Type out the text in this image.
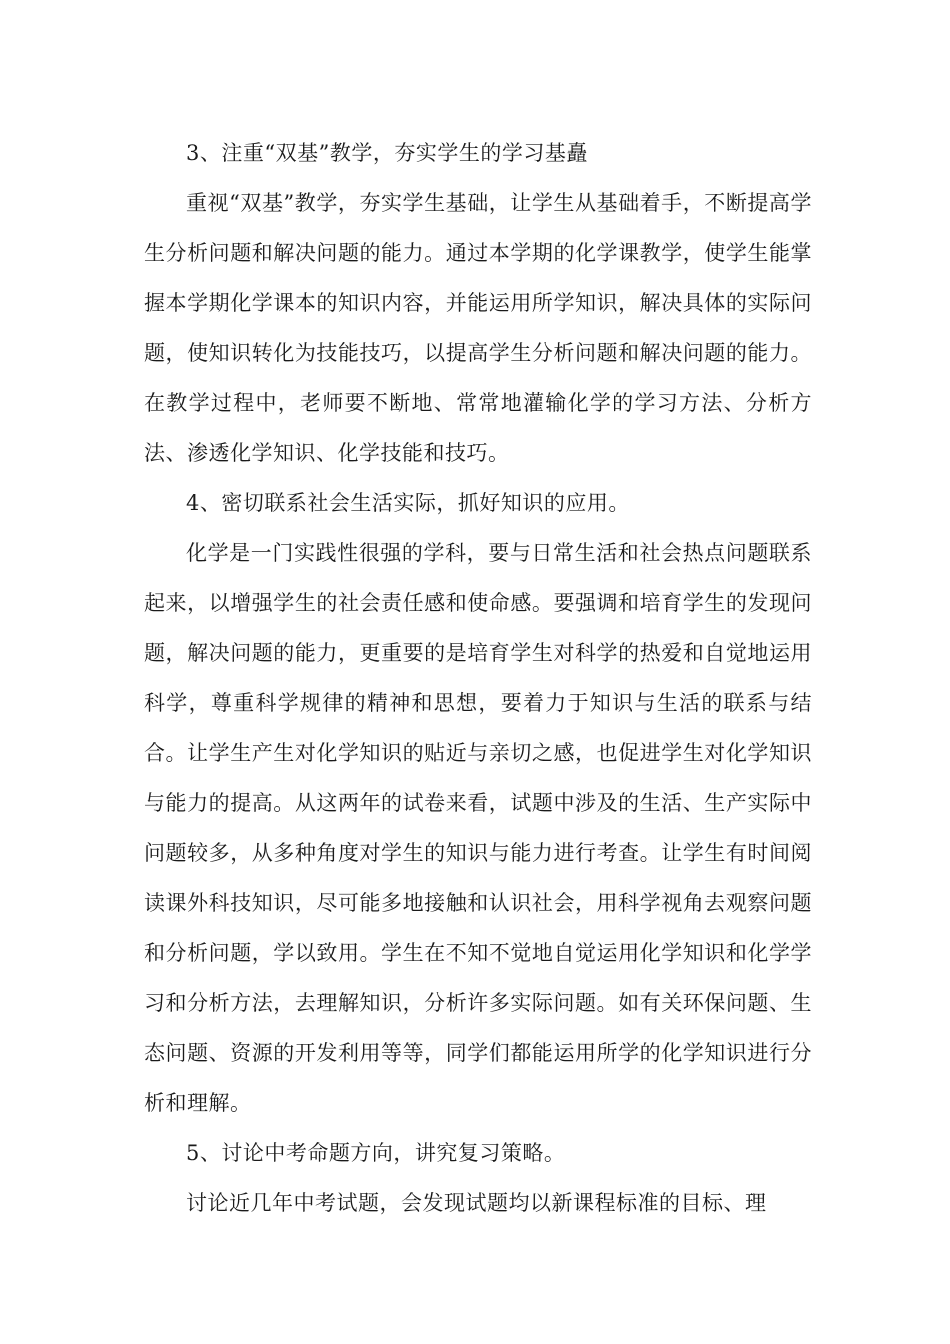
3、注重“双基”教学，夯实学生的学习基矗

重视“双基”教学，夯实学生基础，让学生从基础着手，不断提高学生分析问题和解决问题的能力。通过本学期的化学课教学，使学生能掌握本学期化学课本的知识内容，并能运用所学知识，解决具体的实际问题，使知识转化为技能技巧，以提高学生分析问题和解决问题的能力。在教学过程中，老师要不断地、常常地灌输化学的学习方法、分析方法、渗透化学知识、化学技能和技巧。

4、密切联系社会生活实际，抓好知识的应用。

化学是一门实践性很强的学科，要与日常生活和社会热点问题联系起来，以增强学生的社会责任感和使命感。要强调和培育学生的发现问题，解决问题的能力，更重要的是培育学生对科学的热爱和自觉地运用科学，尊重科学规律的精神和思想，要着力于知识与生活的联系与结合。让学生产生对化学知识的贴近与亲切之感，也促进学生对化学知识与能力的提高。从这两年的试卷来看，试题中涉及的生活、生产实际中问题较多，从多种角度对学生的知识与能力进行考查。让学生有时间阅读课外科技知识，尽可能多地接触和认识社会，用科学视角去观察问题和分析问题，学以致用。学生在不知不觉地自觉运用化学知识和化学学习和分析方法，去理解知识，分析许多实际问题。如有关环保问题、生态问题、资源的开发利用等等，同学们都能运用所学的化学知识进行分析和理解。

5、讨论中考命题方向，讲究复习策略。

讨论近几年中考试题，会发现试题均以新课程标准的目标、理
